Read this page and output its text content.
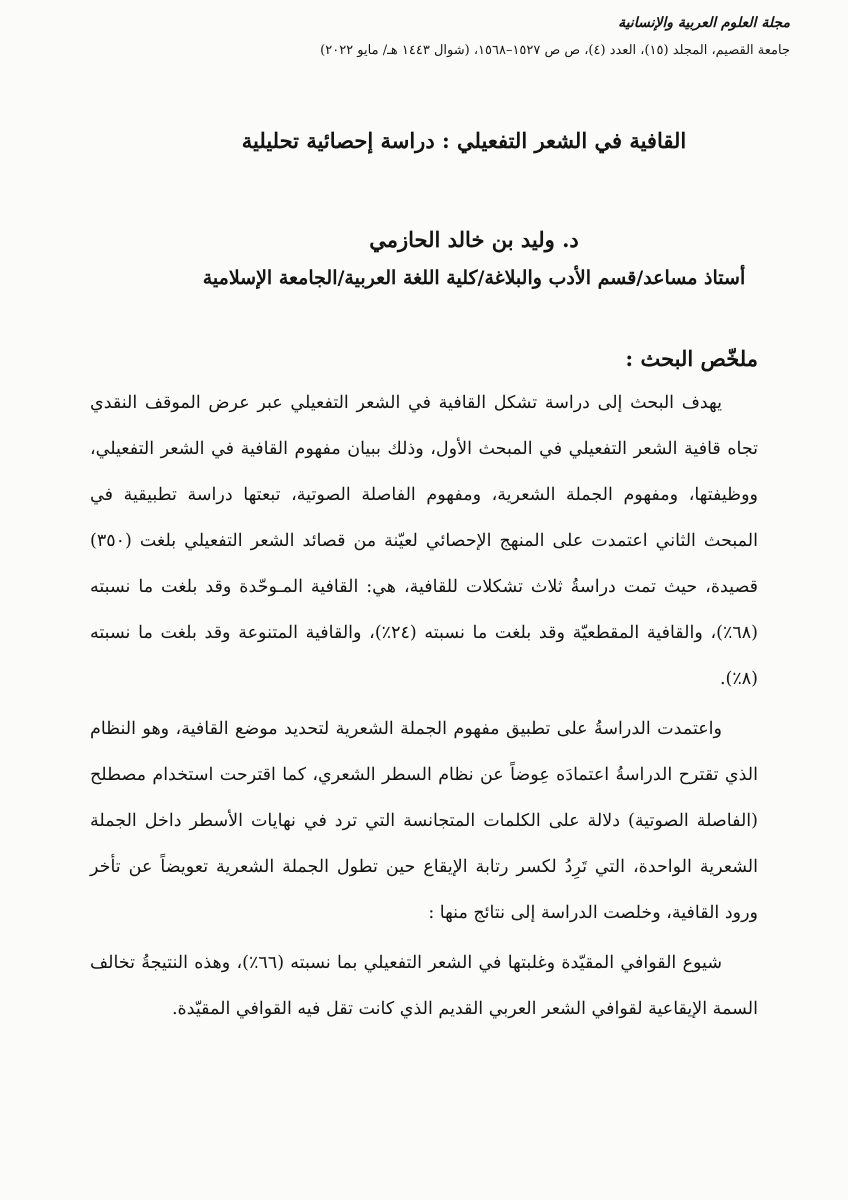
مجلة العلوم العربية والإنسانية
جامعة القصيم، المجلد (١٥)، العدد (٤)، ص ص ١٥٢٧–١٥٦٨، (شوال ١٤٤٣ هـ/ مايو ٢٠٢٢)
القافية في الشعر التفعيلي : دراسة إحصائية تحليلية
د. وليد بن خالد الحازمي
أستاذ مساعد/قسم الأدب والبلاغة/كلية اللغة العربية/الجامعة الإسلامية
ملخّص البحث :

يهدف البحث إلى دراسة تشكل القافية في الشعر التفعيلي عبر عرض الموقف النقدي تجاه قافية الشعر التفعيلي في المبحث الأول، وذلك ببيان مفهوم القافية في الشعر التفعيلي، ووظيفتها، ومفهوم الجملة الشعرية، ومفهوم الفاصلة الصوتية، تبعتها دراسة تطبيقية في المبحث الثاني اعتمدت على المنهج الإحصائي لعيّنة من قصائد الشعر التفعيلي بلغت (٣٥٠) قصيدة، حيث تمت دراسةُ ثلاث تشكلات للقافية، هي: القافية المـوحّدة وقد بلغت ما نسبته (٦٨٪)، والقافية المقطعيّة وقد بلغت ما نسبته (٢٤٪)، والقافية المتنوعة وقد بلغت ما نسبته (٨٪).

واعتمدت الدراسةُ على تطبيق مفهوم الجملة الشعرية لتحديد موضع القافية، وهو النظام الذي تقترح الدراسةُ اعتمادَه عِوضاً عن نظام السطر الشعري، كما اقترحت استخدام مصطلح (الفاصلة الصوتية) دلالة على الكلمات المتجانسة التي ترد في نهايات الأسطر داخل الجملة الشعرية الواحدة، التي تَرِدُ لكسر رتابة الإيقاع حين تطول الجملة الشعرية تعويضاً عن تأخر ورود القافية، وخلصت الدراسة إلى نتائج منها :

شيوع القوافي المقيّدة وغلبتها في الشعر التفعيلي بما نسبته (٦٦٪)، وهذه النتيجةُ تخالف السمة الإيقاعية لقوافي الشعر العربي القديم الذي كانت تقل فيه القوافي المقيّدة.
